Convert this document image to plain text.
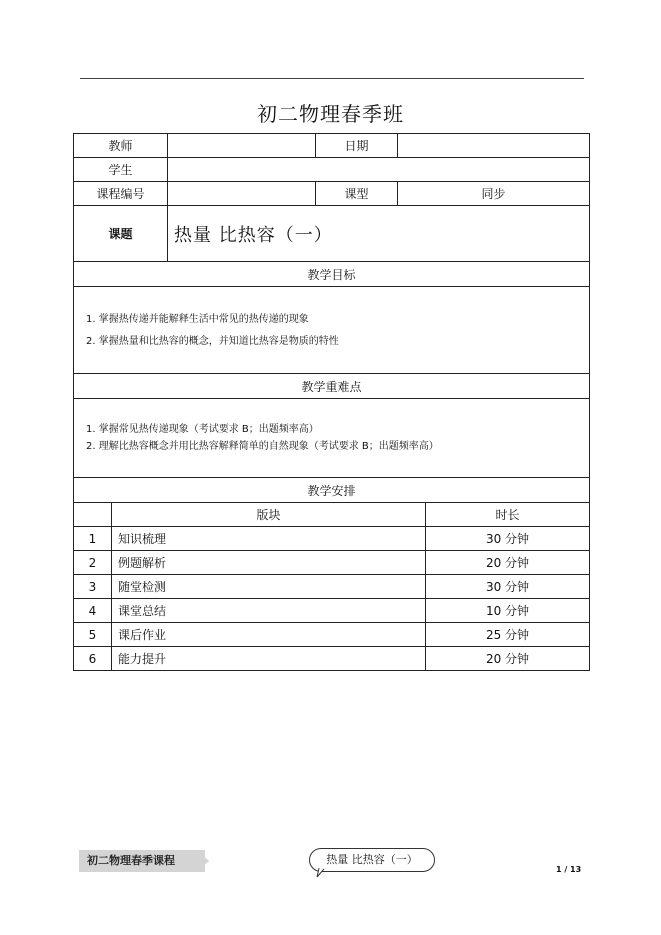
初二物理春季班
教师			日期		
学生					
课程编号			课型	同步	
课题		热量 比热容（一）			
教学目标					

1. 掌握热传递并能解释生活中常见的热传递的现象

2. 掌握热量和比热容的概念，并知道比热容是物质的特性					

教学重难点					

1. 掌握常见热传递现象（考试要求 B；出题频率高）

2. 理解比热容概念并用比热容解释简单的自然现象（考试要求 B；出题频率高）					

教学安排					
	版块				时长
1	知识梳理				30 分钟
2	例题解析				20 分钟
3	随堂检测				30 分钟
4	课堂总结				10 分钟
5	课后作业				25 分钟
6	能力提升				20 分钟
初二物理春季课程	热量 比热容（一）
1 / 13
